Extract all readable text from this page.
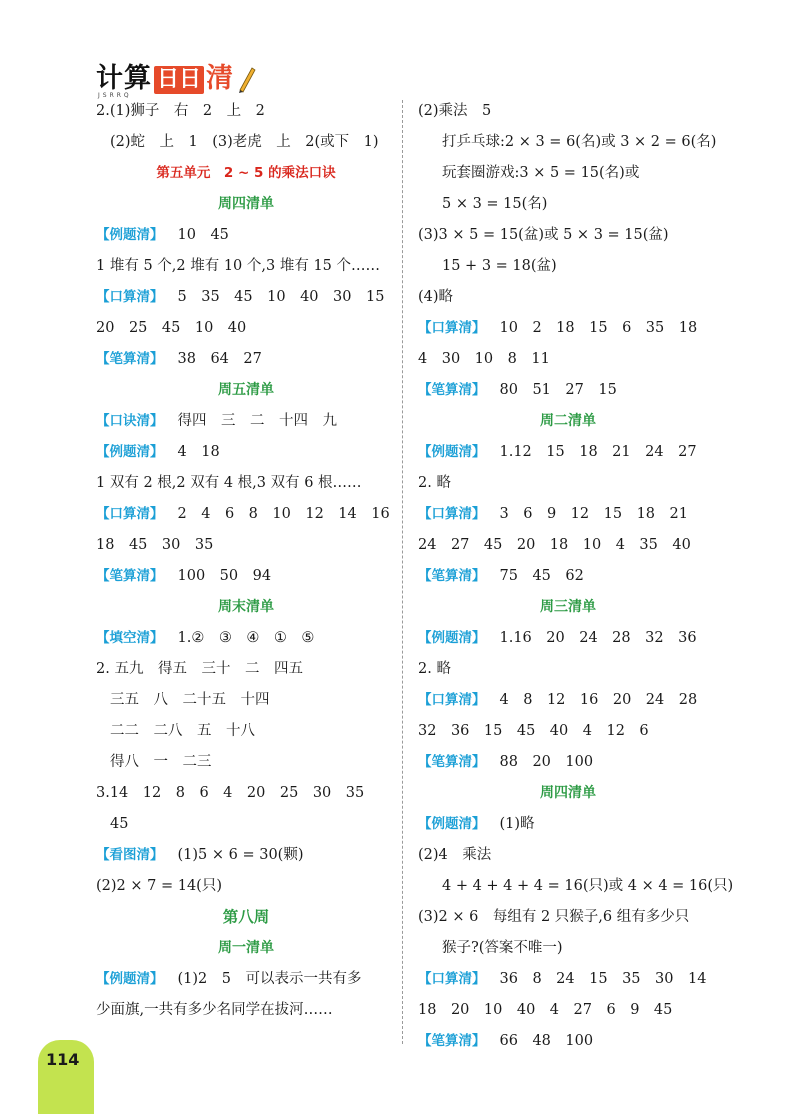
计算 日日 清
JSRRQ
2.(1)狮子　右　2　上　2
(2)蛇　上　1　(3)老虎　上　2(或下　1)
第五单元　2 ~ 5 的乘法口诀
周四清单
【例题清】 10　45
1 堆有 5 个,2 堆有 10 个,3 堆有 15 个……
【口算清】 5　35　45　10　40　30　15
20　25　45　10　40
【笔算清】 38　64　27
周五清单
【口诀清】 得四　三　二　十四　九
【例题清】 4　18
1 双有 2 根,2 双有 4 根,3 双有 6 根……
【口算清】 2　4　6　8　10　12　14　16
18　45　30　35
【笔算清】 100　50　94
周末清单
【填空清】 1.②　③　④　①　⑤
2. 五九　得五　三十　二　四五
三五　八　二十五　十四
二二　二八　五　十八
得八　一　二三
3.14　12　8　6　4　20　25　30　35
45
【看图清】 (1)5 × 6 = 30(颗)
(2)2 × 7 = 14(只)
第八周
周一清单
【例题清】 (1)2　5　可以表示一共有多
少面旗,一共有多少名同学在拔河……
(2)乘法　5
打乒乓球:2 × 3 = 6(名)或 3 × 2 = 6(名)
玩套圈游戏:3 × 5 = 15(名)或
5 × 3 = 15(名)
(3)3 × 5 = 15(盆)或 5 × 3 = 15(盆)
15 + 3 = 18(盆)
(4)略
【口算清】 10　2　18　15　6　35　18
4　30　10　8　11
【笔算清】 80　51　27　15
周二清单
【例题清】 1.12　15　18　21　24　27
2. 略
【口算清】 3　6　9　12　15　18　21
24　27　45　20　18　10　4　35　40
【笔算清】 75　45　62
周三清单
【例题清】 1.16　20　24　28　32　36
2. 略
【口算清】 4　8　12　16　20　24　28
32　36　15　45　40　4　12　6
【笔算清】 88　20　100
周四清单
【例题清】 (1)略
(2)4　乘法
4 + 4 + 4 + 4 = 16(只)或 4 × 4 = 16(只)
(3)2 × 6　每组有 2 只猴子,6 组有多少只
猴子?(答案不唯一)
【口算清】 36　8　24　15　35　30　14
18　20　10　40　4　27　6　9　45
【笔算清】 66　48　100
114
